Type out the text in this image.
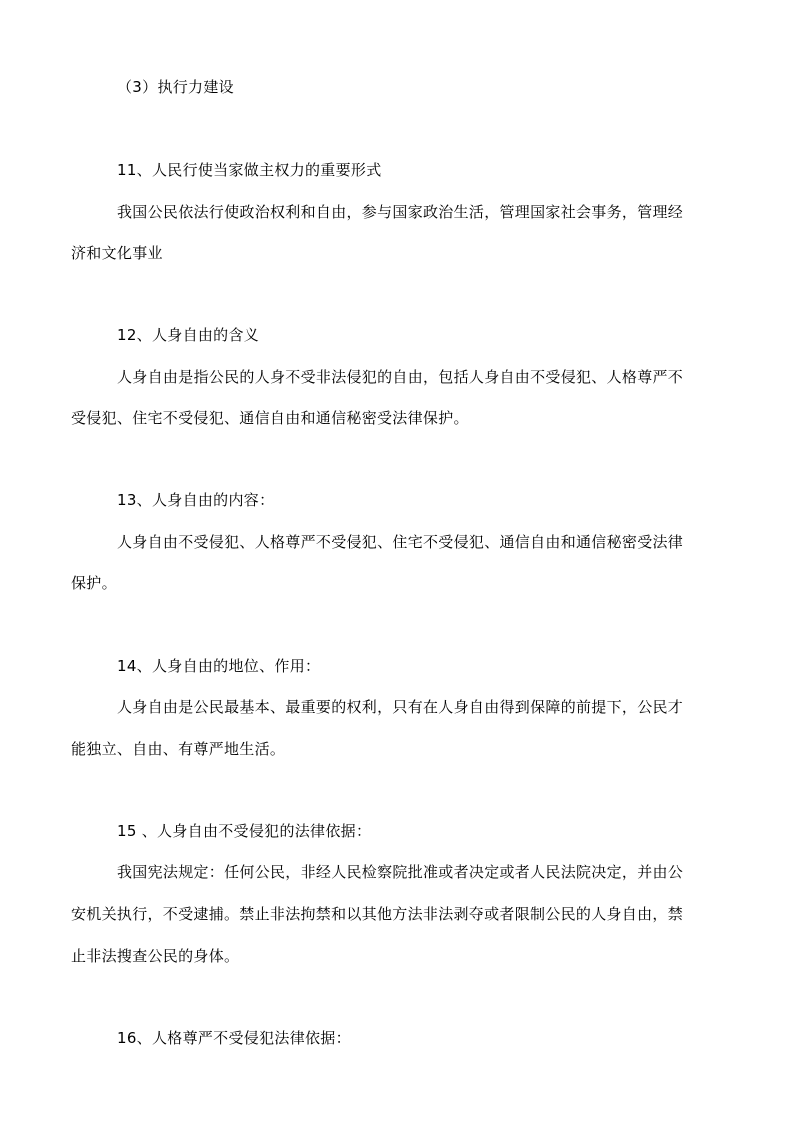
（3）执行力建设
11、人民行使当家做主权力的重要形式
我国公民依法行使政治权利和自由，参与国家政治生活，管理国家社会事务，管理经
济和文化事业
12、人身自由的含义
人身自由是指公民的人身不受非法侵犯的自由，包括人身自由不受侵犯、人格尊严不
受侵犯、住宅不受侵犯、通信自由和通信秘密受法律保护。
13、人身自由的内容：
人身自由不受侵犯、人格尊严不受侵犯、住宅不受侵犯、通信自由和通信秘密受法律
保护。
14、人身自由的地位、作用：
人身自由是公民最基本、最重要的权利，只有在人身自由得到保障的前提下，公民才
能独立、自由、有尊严地生活。
15 、人身自由不受侵犯的法律依据：
我国宪法规定：任何公民，非经人民检察院批准或者决定或者人民法院决定，并由公
安机关执行，不受逮捕。禁止非法拘禁和以其他方法非法剥夺或者限制公民的人身自由，禁
止非法搜查公民的身体。
16、人格尊严不受侵犯法律依据：
